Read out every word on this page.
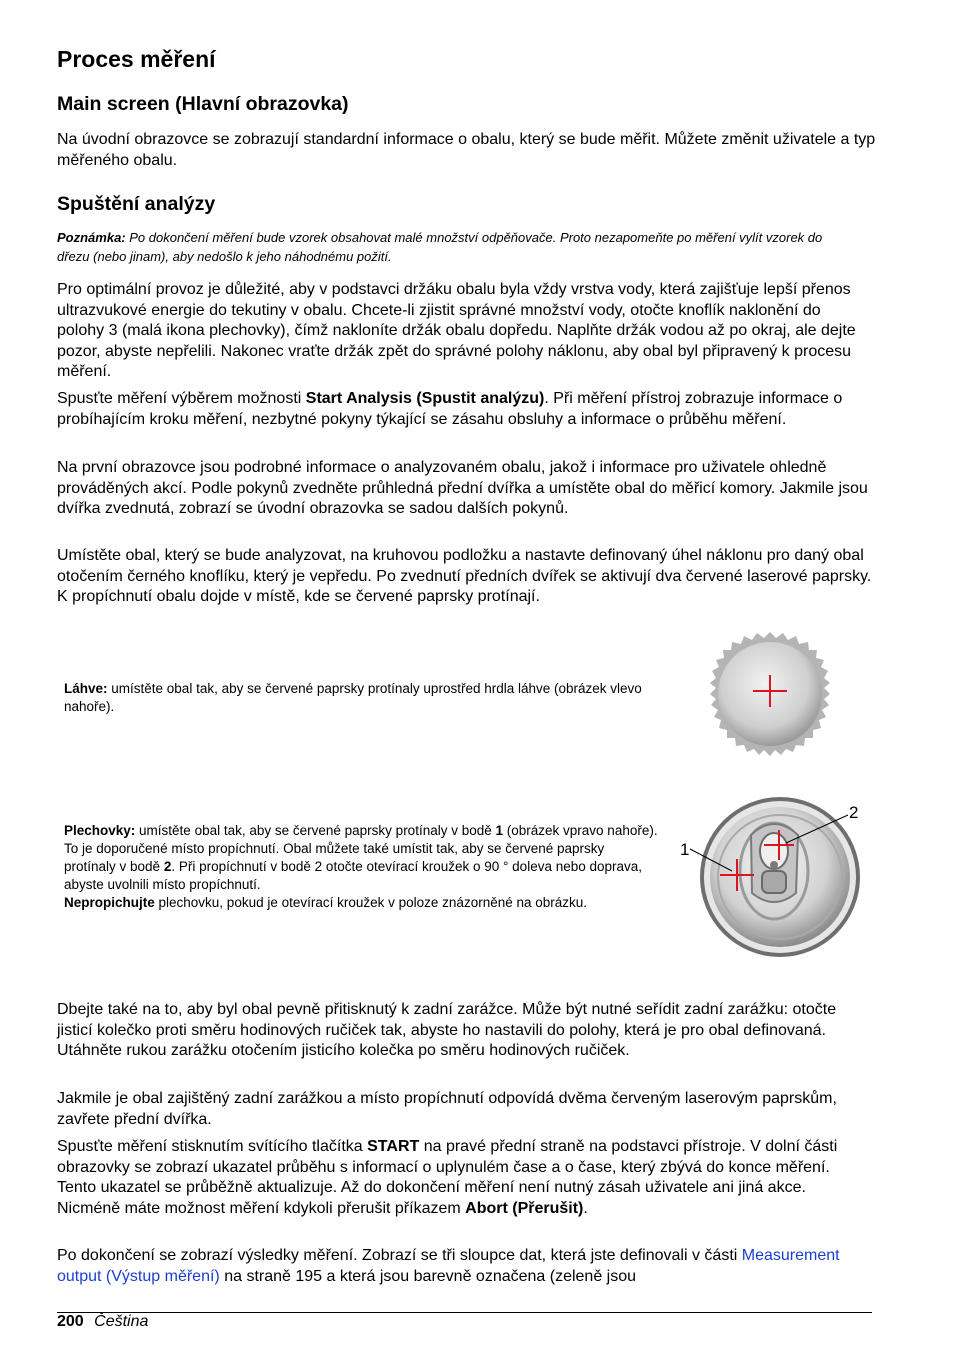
Proces měření
Main screen (Hlavní obrazovka)

Na úvodní obrazovce se zobrazují standardní informace o obalu, který se bude měřit. Můžete změnit uživatele a typ měřeného obalu.

Spuštění analýzy

Poznámka: Po dokončení měření bude vzorek obsahovat malé množství odpěňovače. Proto nezapomeňte po měření vylít vzorek do dřezu (nebo jinam), aby nedošlo k jeho náhodnému požití.

Pro optimální provoz je důležité, aby v podstavci držáku obalu byla vždy vrstva vody, která zajišťuje lepší přenos ultrazvukové energie do tekutiny v obalu. Chcete-li zjistit správné množství vody, otočte knoflík naklonění do polohy 3 (malá ikona plechovky), čímž nakloníte držák obalu dopředu. Naplňte držák vodou až po okraj, ale dejte pozor, abyste nepřelili. Nakonec vraťte držák zpět do správné polohy náklonu, aby obal byl připravený k procesu měření.

Spusťte měření výběrem možnosti Start Analysis (Spustit analýzu). Při měření přístroj zobrazuje informace o probíhajícím kroku měření, nezbytné pokyny týkající se zásahu obsluhy a informace o průběhu měření.

Na první obrazovce jsou podrobné informace o analyzovaném obalu, jakož i informace pro uživatele ohledně prováděných akcí. Podle pokynů zvedněte průhledná přední dvířka a umístěte obal do měřicí komory. Jakmile jsou dvířka zvednutá, zobrazí se úvodní obrazovka se sadou dalších pokynů.

Umístěte obal, který se bude analyzovat, na kruhovou podložku a nastavte definovaný úhel náklonu pro daný obal otočením černého knoflíku, který je vepředu. Po zvednutí předních dvířek se aktivují dva červené laserové paprsky. K propíchnutí obalu dojde v místě, kde se červené paprsky protínají.

Láhve: umístěte obal tak, aby se červené paprsky protínaly uprostřed hrdla láhve (obrázek vlevo nahoře).

Plechovky: umístěte obal tak, aby se červené paprsky protínaly v bodě 1 (obrázek vpravo nahoře). To je doporučené místo propíchnutí. Obal můžete také umístit tak, aby se červené paprsky protínaly v bodě 2. Při propíchnutí v bodě 2 otočte otevírací kroužek o 90 ° doleva nebo doprava, abyste uvolnili místo propíchnutí.
Nepropichujte plechovku, pokud je otevírací kroužek v poloze znázorněné na obrázku.

1
2

Dbejte také na to, aby byl obal pevně přitisknutý k zadní zarážce. Může být nutné seřídit zadní zarážku: otočte jisticí kolečko proti směru hodinových ručiček tak, abyste ho nastavili do polohy, která je pro obal definovaná. Utáhněte rukou zarážku otočením jisticího kolečka po směru hodinových ručiček.

Jakmile je obal zajištěný zadní zarážkou a místo propíchnutí odpovídá dvěma červeným laserovým paprskům, zavřete přední dvířka.

Spusťte měření stisknutím svítícího tlačítka START na pravé přední straně na podstavci přístroje. V dolní části obrazovky se zobrazí ukazatel průběhu s informací o uplynulém čase a o čase, který zbývá do konce měření. Tento ukazatel se průběžně aktualizuje. Až do dokončení měření není nutný zásah uživatele ani jiná akce. Nicméně máte možnost měření kdykoli přerušit příkazem Abort (Přerušit).

Po dokončení se zobrazí výsledky měření. Zobrazí se tři sloupce dat, která jste definovali v části Measurement output (Výstup měření) na straně 195 a která jsou barevně označena (zeleně jsou

200 Čeština
